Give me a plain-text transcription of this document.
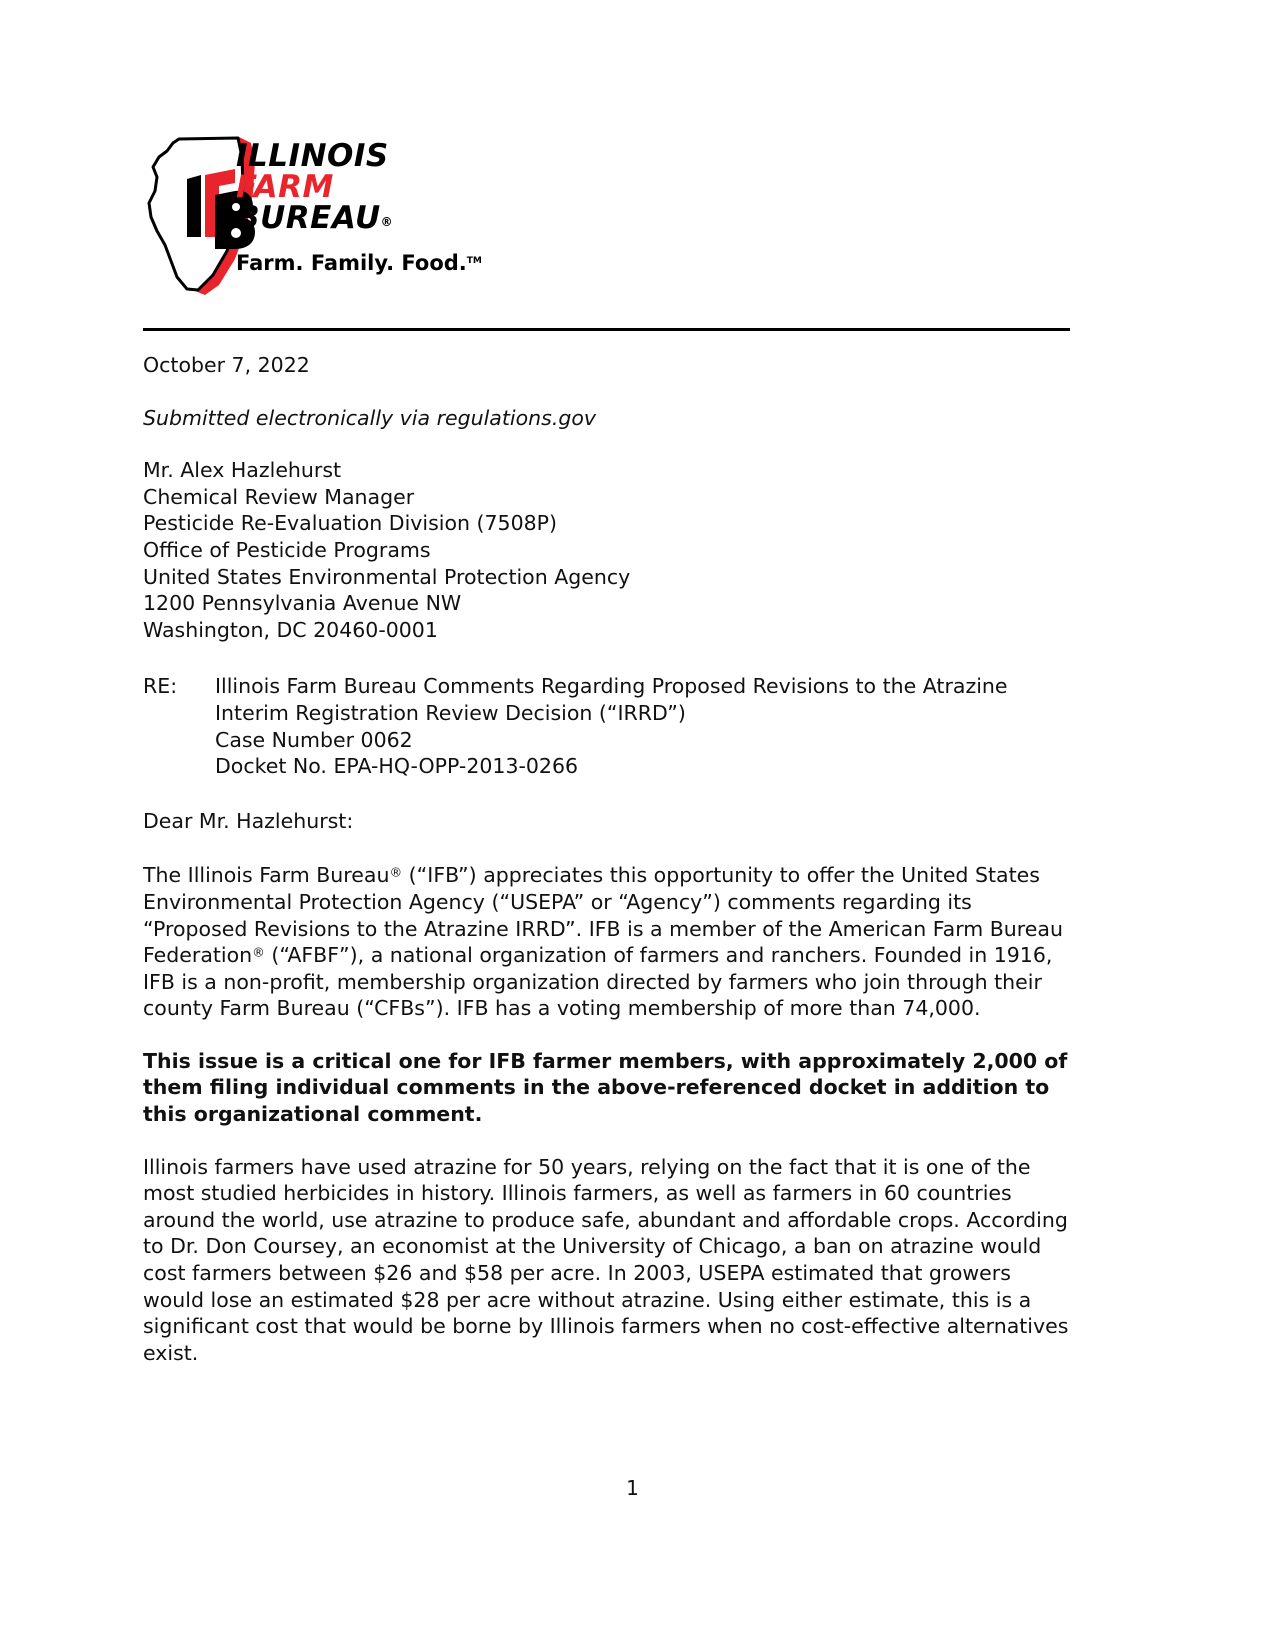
ILLINOIS
FARM
BUREAU®
Farm. Family. Food.™
October 7, 2022
Submitted electronically via regulations.gov
Mr. Alex Hazlehurst
Chemical Review Manager
Pesticide Re-Evaluation Division (7508P)
Office of Pesticide Programs
United States Environmental Protection Agency
1200 Pennsylvania Avenue NW
Washington, DC 20460-0001
RE:	Illinois Farm Bureau Comments Regarding Proposed Revisions to the Atrazine Interim Registration Review Decision (“IRRD”)
Case Number 0062
Docket No. EPA-HQ-OPP-2013-0266
Dear Mr. Hazlehurst:

The Illinois Farm Bureau® (“IFB”) appreciates this opportunity to offer the United States Environmental Protection Agency (“USEPA” or “Agency”) comments regarding its “Proposed Revisions to the Atrazine IRRD”. IFB is a member of the American Farm Bureau Federation® (“AFBF”), a national organization of farmers and ranchers. Founded in 1916, IFB is a non-profit, membership organization directed by farmers who join through their county Farm Bureau (“CFBs”). IFB has a voting membership of more than 74,000.

This issue is a critical one for IFB farmer members, with approximately 2,000 of them filing individual comments in the above-referenced docket in addition to this organizational comment.

Illinois farmers have used atrazine for 50 years, relying on the fact that it is one of the most studied herbicides in history. Illinois farmers, as well as farmers in 60 countries around the world, use atrazine to produce safe, abundant and affordable crops. According to Dr. Don Coursey, an economist at the University of Chicago, a ban on atrazine would cost farmers between $26 and $58 per acre. In 2003, USEPA estimated that growers would lose an estimated $28 per acre without atrazine. Using either estimate, this is a significant cost that would be borne by Illinois farmers when no cost-effective alternatives exist.

1
